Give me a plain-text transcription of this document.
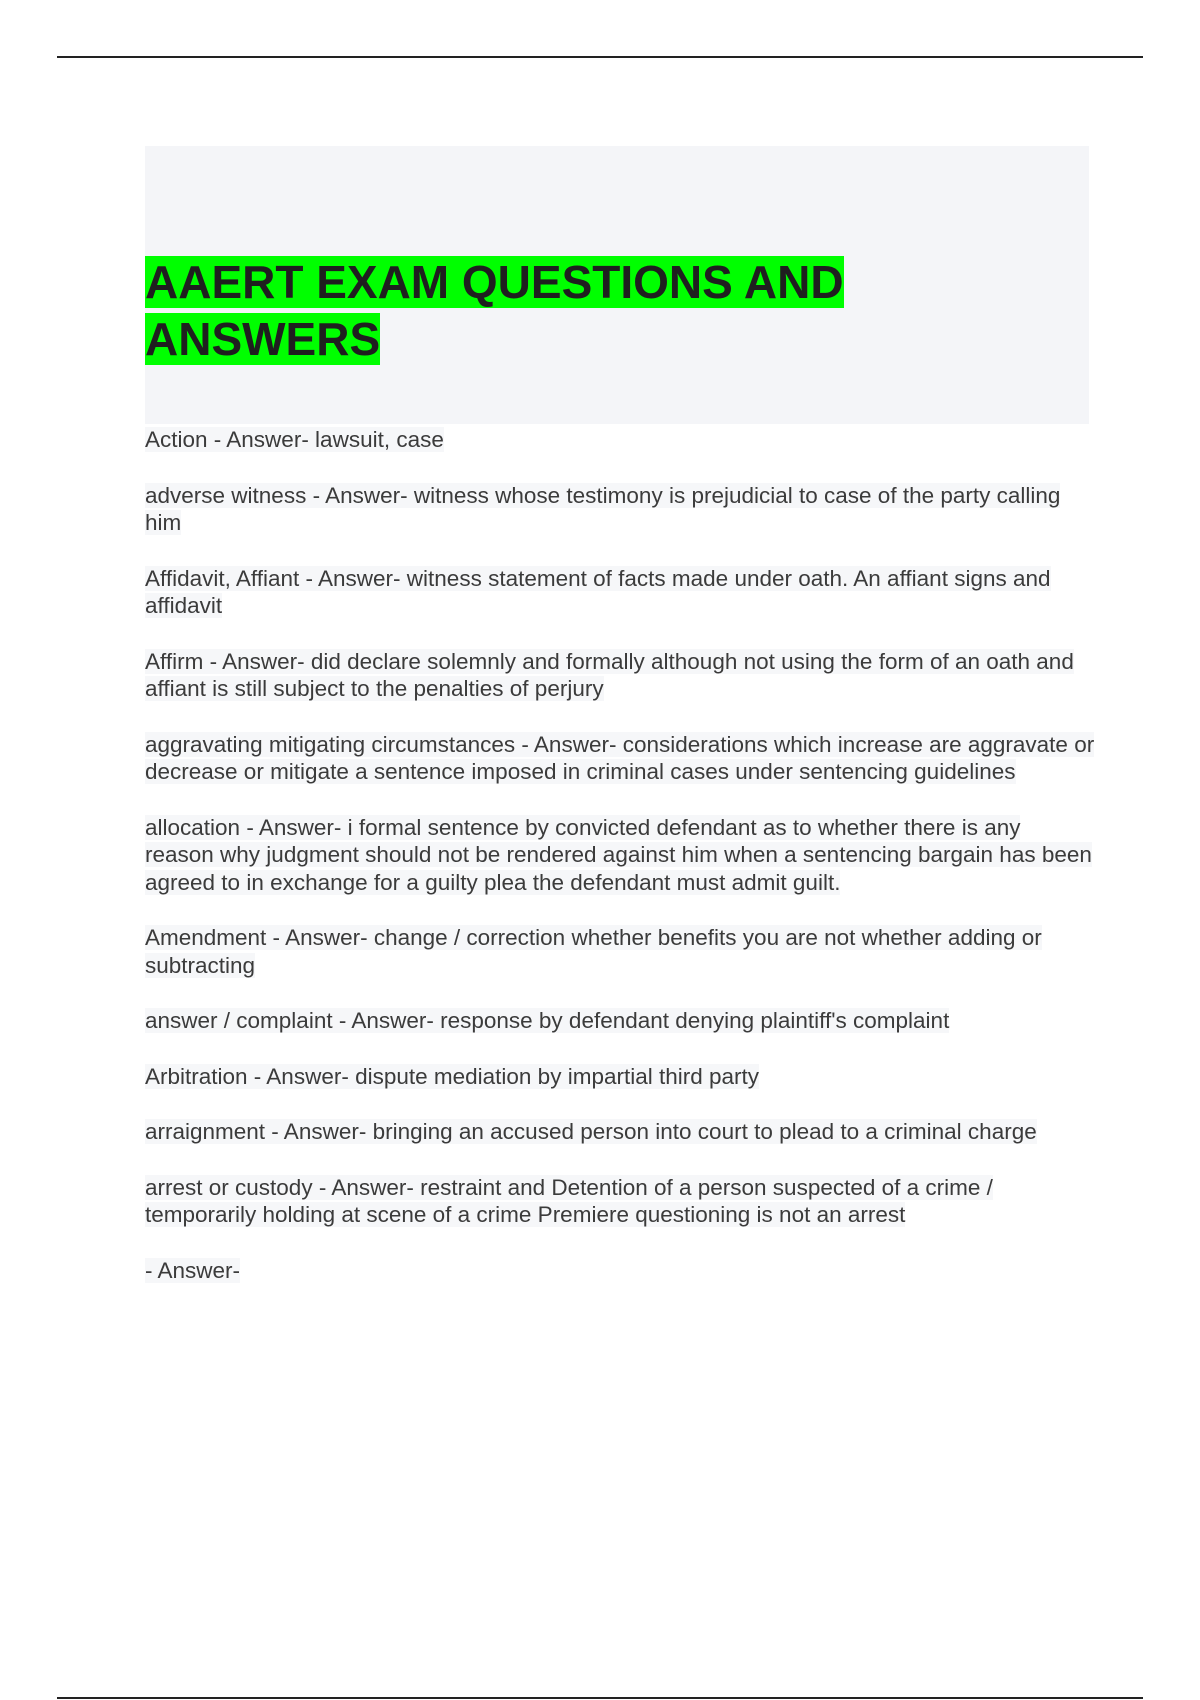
AAERT EXAM QUESTIONS AND ANSWERS
Action - Answer- lawsuit, case
adverse witness - Answer- witness whose testimony is prejudicial to case of the party calling him
Affidavit, Affiant - Answer- witness statement of facts made under oath. An affiant signs and affidavit
Affirm - Answer- did declare solemnly and formally although not using the form of an oath and affiant is still subject to the penalties of perjury
aggravating mitigating circumstances - Answer- considerations which increase are aggravate or decrease or mitigate a sentence imposed in criminal cases under sentencing guidelines
allocation - Answer- i formal sentence by convicted defendant as to whether there is any reason why judgment should not be rendered against him when a sentencing bargain has been agreed to in exchange for a guilty plea the defendant must admit guilt.
Amendment - Answer- change / correction whether benefits you are not whether adding or subtracting
answer / complaint - Answer- response by defendant denying plaintiff's complaint
Arbitration - Answer- dispute mediation by impartial third party
arraignment - Answer- bringing an accused person into court to plead to a criminal charge
arrest or custody - Answer- restraint and Detention of a person suspected of a crime / temporarily holding at scene of a crime Premiere questioning is not an arrest
- Answer-
